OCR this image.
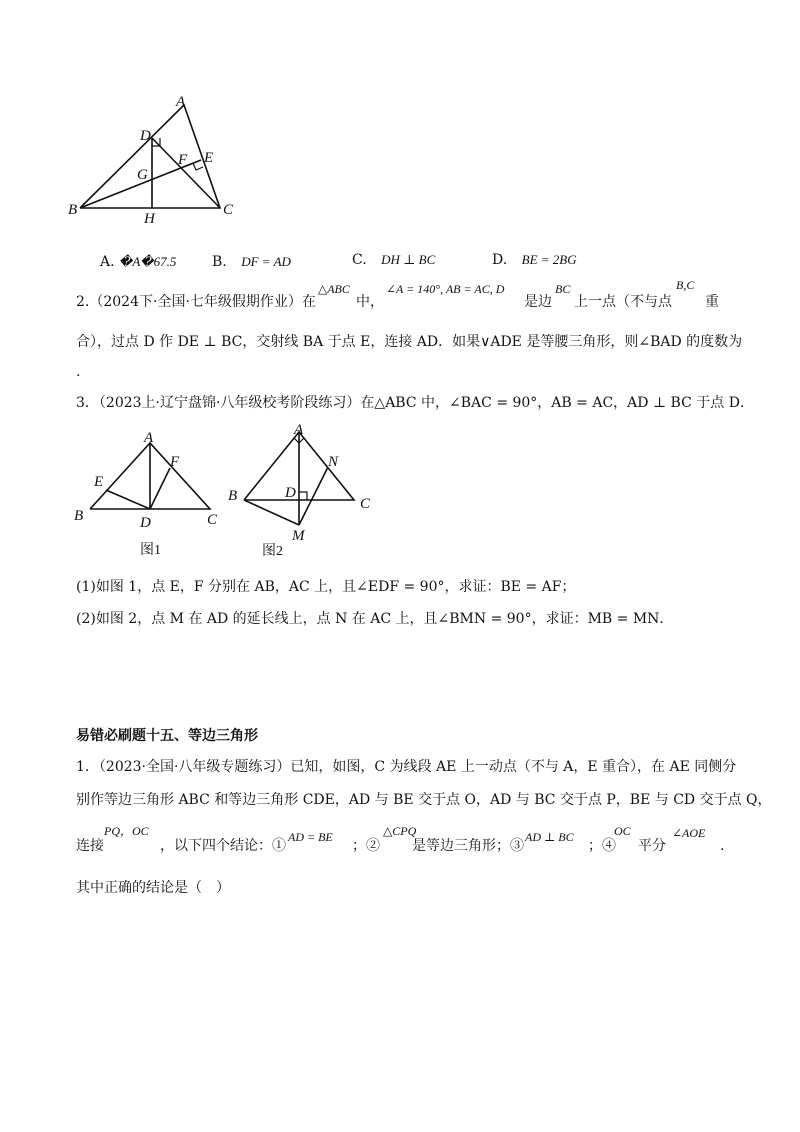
A
D
E
F
G
B	C
H
A. �A�67.5	B. DF = AD	C. DH ⊥ BC	D. BE = 2BG
2.（2024下·全国·七年级假期作业）在
△ABC
中，
∠A = 140°, AB = AC, D
是边
BC
上一点（不与点
B,C
重
合），过点 D 作 DE ⊥ BC，交射线 BA 于点 E，连接 AD．如果∨ADE 是等腰三角形，则∠BAD 的度数为
.
3．（2023上·辽宁盘锦·八年级校考阶段练习）在△ABC 中，∠BAC = 90°，AB = AC，AD ⊥ BC 于点 D．
A
F
E
B	D	C
图1
A
N
B	D
C
M
图2
(1)如图 1，点 E，F 分别在 AB，AC 上，且∠EDF = 90°，求证：BE = AF；
(2)如图 2，点 M 在 AD 的延长线上，点 N 在 AC 上，且∠BMN = 90°，求证：MB = MN．
易错必刷题十五、等边三角形
1．（2023·全国·八年级专题练习）已知，如图，C 为线段 AE 上一动点（不与 A，E 重合），在 AE 同侧分
别作等边三角形 ABC 和等边三角形 CDE，AD 与 BE 交于点 O，AD 与 BC 交于点 P，BE 与 CD 交于点 Q，
连接
PQ，OC
，以下四个结论：①
AD = BE
；②
△CPQ
是等边三角形；③
AD ⊥ BC
；④
OC
平分
∠AOE
.
其中正确的结论是（　）
